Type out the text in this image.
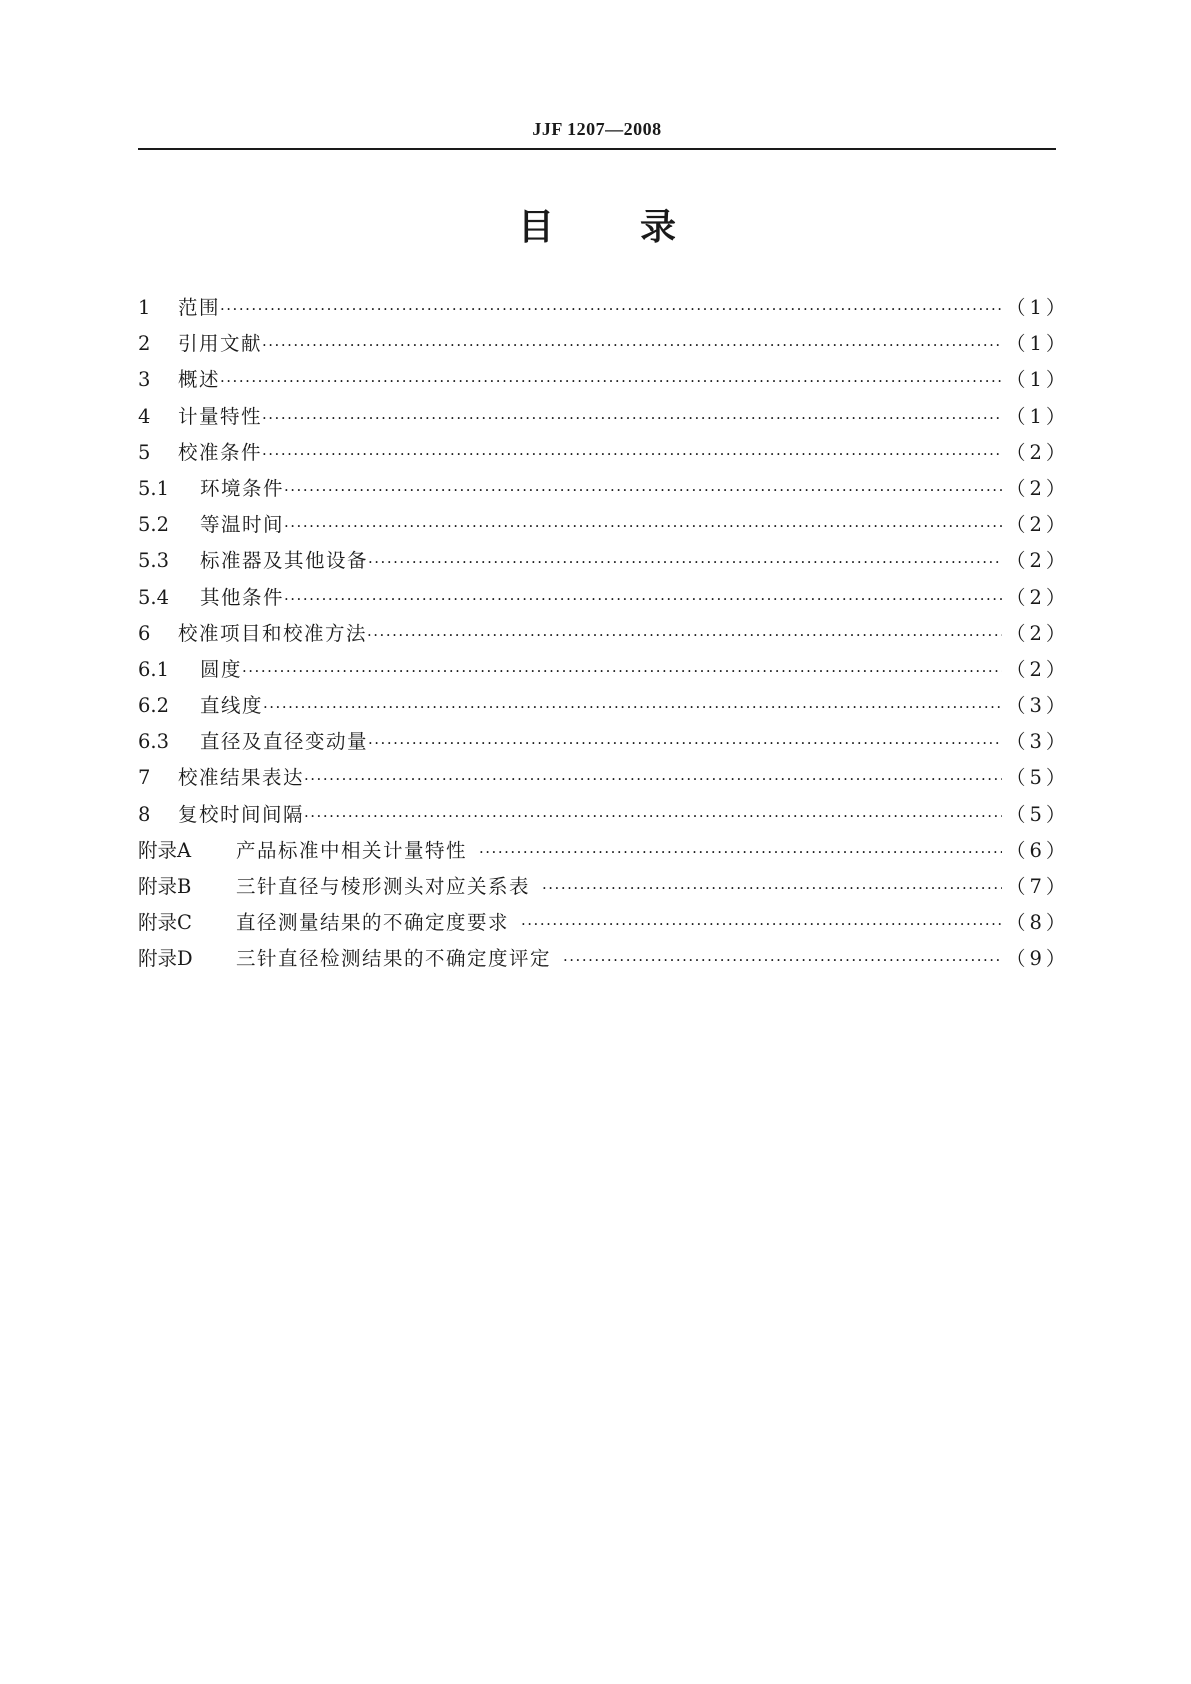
JJF 1207—2008
目 录
1	范围 ·····	（1）
2	引用文献 ·····	（1）
3	概述 ·····	（1）
4	计量特性 ·····	（1）
5	校准条件 ·····	（2）
5.1	环境条件 ·····	（2）
5.2	等温时间 ·····	（2）
5.3	标准器及其他设备 ·····	（2）
5.4	其他条件 ·····	（2）
6	校准项目和校准方法 ·····	（2）
6.1	圆度 ·····	（2）
6.2	直线度 ·····	（3）
6.3	直径及直径变动量 ·····	（3）
7	校准结果表达 ·····	（5）
8	复校时间间隔 ·····	（5）
附录A	产品标准中相关计量特性 ·····	（6）
附录B	三针直径与棱形测头对应关系表 ·····	（7）
附录C	直径测量结果的不确定度要求 ·····	（8）
附录D	三针直径检测结果的不确定度评定 ·····	（9）
